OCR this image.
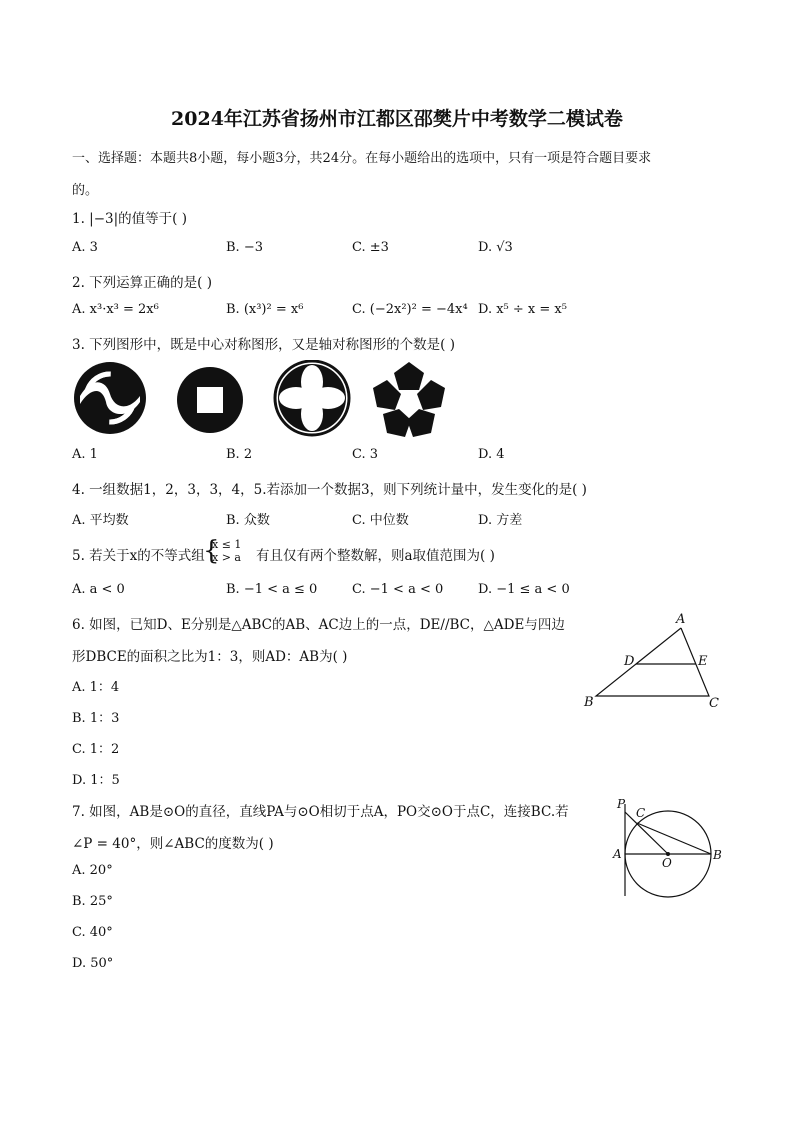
2024年江苏省扬州市江都区邵樊片中考数学二模试卷
一、选择题：本题共8小题，每小题3分，共24分。在每小题给出的选项中，只有一项是符合题目要求
的。
1. |−3|的值等于( )
A. 3	B. −3	C. ±3	D. √3
2. 下列运算正确的是( )
A. x³·x³ = 2x⁶	B. (x³)² = x⁶	C. (−2x²)² = −4x⁴ D. x⁵ ÷ x = x⁵
3. 下列图形中，既是中心对称图形，又是轴对称图形的个数是( )
A. 1	B. 2	C. 3	D. 4
4. 一组数据1，2，3，3，4，5.若添加一个数据3，则下列统计量中，发生变化的是( )
A. 平均数	B. 众数	C. 中位数	D. 方差
5. 若关于x的不等式组
{
x ≤ 1
x > a 有且仅有两个整数解，则a取值范围为( )
A. a < 0	B. −1 < a ≤ 0	C. −1 < a < 0	D. −1 ≤ a < 0
6. 如图，已知D、E分别是△ABC的AB、AC边上的一点，DE//BC，△ADE与四边
形DBCE的面积之比为1：3，则AD：AB为( )
A. 1：4
B. 1：3
C. 1：2
D. 1：5
A
D	E
B	C
7. 如图，AB是⊙O的直径，直线PA与⊙O相切于点A，PO交⊙O于点C，连接BC.若
∠P = 40°，则∠ABC的度数为( )
A. 20°
B. 25°
C. 40°
D. 50°
P
C
A
O
B
